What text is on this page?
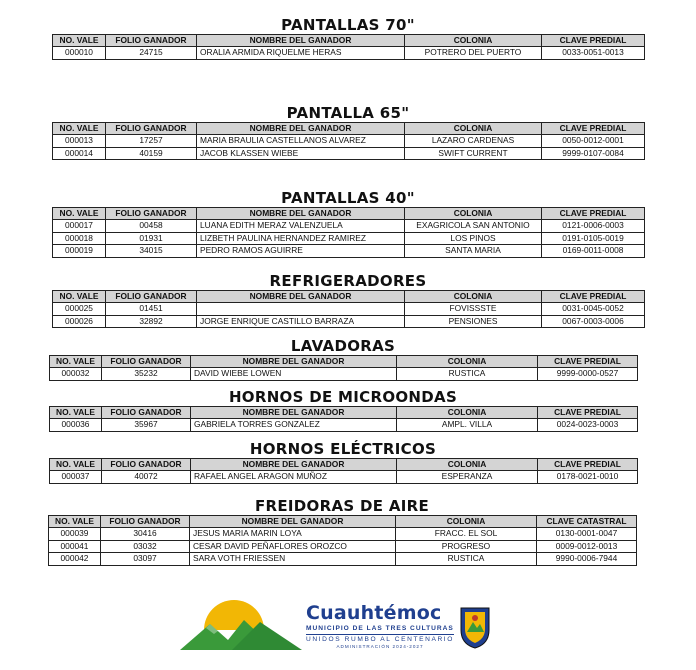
PANTALLAS 70"
NO. VALE	FOLIO GANADOR	NOMBRE DEL GANADOR	COLONIA	CLAVE PREDIAL
000010	24715	ORALIA ARMIDA RIQUELME HERAS	POTRERO DEL PUERTO	0033-0051-0013
PANTALLA 65"
NO. VALE	FOLIO GANADOR	NOMBRE DEL GANADOR	COLONIA	CLAVE PREDIAL
000013	17257	MARIA BRAULIA CASTELLANOS ALVAREZ	LAZARO CARDENAS	0050-0012-0001
000014	40159	JACOB KLASSEN WIEBE	SWIFT CURRENT	9999-0107-0084
PANTALLAS 40"
NO. VALE	FOLIO GANADOR	NOMBRE DEL GANADOR	COLONIA	CLAVE PREDIAL
000017	00458	LUANA EDITH MERAZ VALENZUELA	EXAGRICOLA SAN ANTONIO	0121-0006-0003
000018	01931	LIZBETH PAULINA HERNANDEZ RAMIREZ	LOS PINOS	0191-0105-0019
000019	34015	PEDRO RAMOS AGUIRRE	SANTA MARIA	0169-0011-0008
REFRIGERADORES
NO. VALE	FOLIO GANADOR	NOMBRE DEL GANADOR	COLONIA	CLAVE PREDIAL
000025	01451		FOVISSSTE	0031-0045-0052
000026	32892	JORGE ENRIQUE CASTILLO BARRAZA	PENSIONES	0067-0003-0006
LAVADORAS
NO. VALE	FOLIO GANADOR	NOMBRE DEL GANADOR	COLONIA	CLAVE PREDIAL
000032	35232	DAVID WIEBE LOWEN	RUSTICA	9999-0000-0527
HORNOS DE MICROONDAS
NO. VALE	FOLIO GANADOR	NOMBRE DEL GANADOR	COLONIA	CLAVE PREDIAL
000036	35967	GABRIELA TORRES GONZALEZ	AMPL. VILLA	0024-0023-0003
HORNOS ELÉCTRICOS
NO. VALE	FOLIO GANADOR	NOMBRE DEL GANADOR	COLONIA	CLAVE PREDIAL
000037	40072	RAFAEL ANGEL ARAGON MUÑOZ	ESPERANZA	0178-0021-0010
FREIDORAS DE AIRE
NO. VALE	FOLIO GANADOR	NOMBRE DEL GANADOR	COLONIA	CLAVE CATASTRAL
000039	30416	JESUS MARIA MARIN LOYA	FRACC. EL SOL	0130-0001-0047
000041	03032	CESAR DAVID PEÑAFLORES OROZCO	PROGRESO	0009-0012-0013
000042	03097	SARA VOTH FRIESSEN	RUSTICA	9990-0006-7944
Cuauhtémoc
MUNICIPIO DE LAS TRES CULTURAS
UNIDOS RUMBO AL CENTENARIO
ADMINISTRACIÓN 2024-2027
